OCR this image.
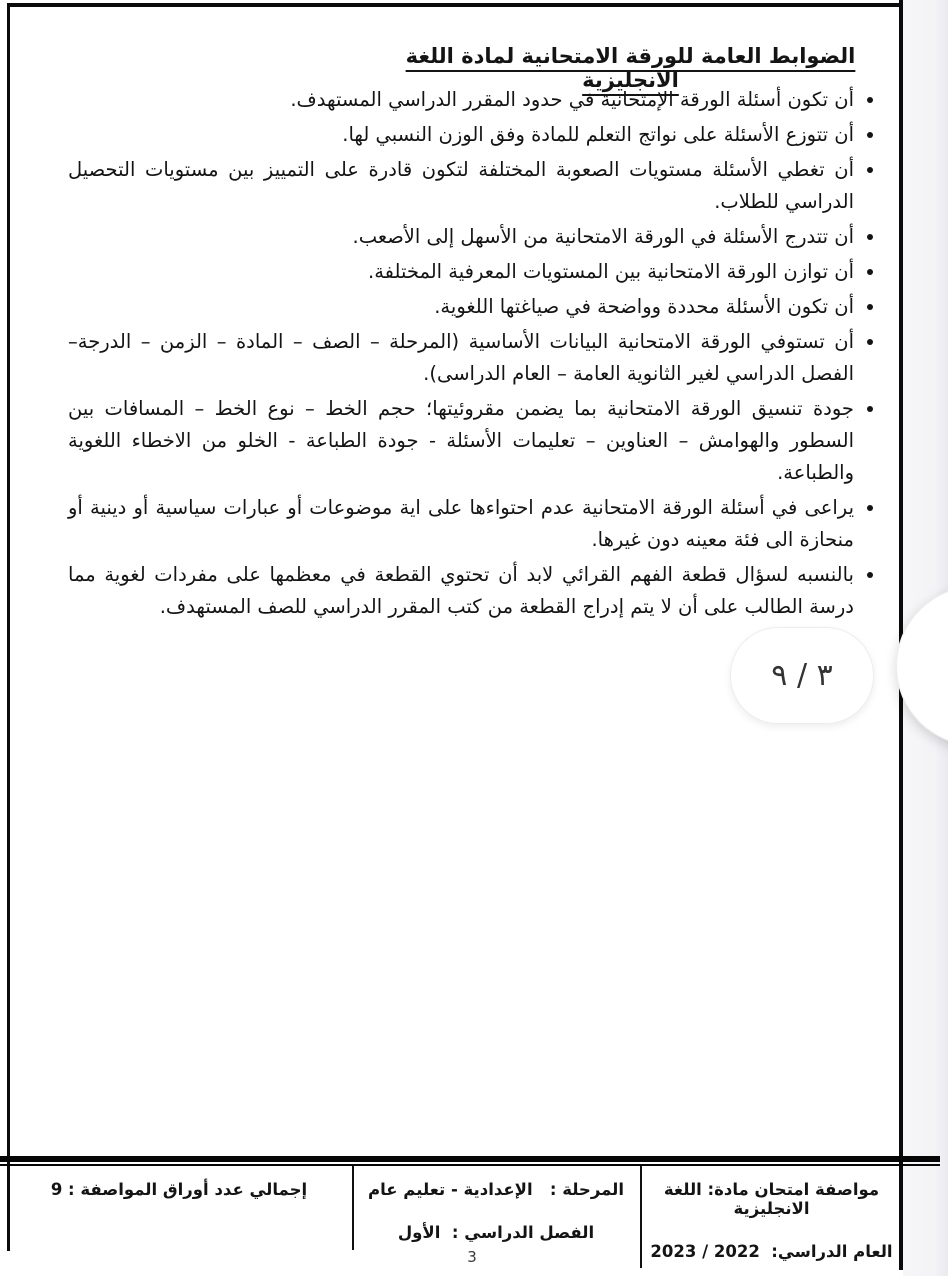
الضوابط العامة للورقة الامتحانية لمادة اللغة الانجليزية
• أن تكون أسئلة الورقة الإمتحانية في حدود المقرر الدراسي المستهدف.
• أن تتوزع الأسئلة على نواتج التعلم للمادة وفق الوزن النسبي لها.
• أن تغطي الأسئلة مستويات الصعوبة المختلفة لتكون قادرة على التمييز بين مستويات التحصيل الدراسي للطلاب.
• أن تتدرج الأسئلة في الورقة الامتحانية من الأسهل إلى الأصعب.
• أن توازن الورقة الامتحانية بين المستويات المعرفية المختلفة.
• أن تكون الأسئلة محددة وواضحة في صياغتها اللغوية.
• أن تستوفي الورقة الامتحانية البيانات الأساسية (المرحلة – الصف – المادة – الزمن – الدرجة– الفصل الدراسي لغير الثانوية العامة – العام الدراسى).
• جودة تنسيق الورقة الامتحانية بما يضمن مقروئيتها؛ حجم الخط – نوع الخط – المسافات بين السطور والهوامش – العناوين – تعليمات الأسئلة - جودة الطباعة - الخلو من الاخطاء اللغوية والطباعة.
• يراعى في أسئلة الورقة الامتحانية عدم احتواءها على اية موضوعات أو عبارات سياسية أو دينية أو منحازة الى فئة معينه دون غيرها.
• بالنسبه لسؤال قطعة الفهم القرائي لابد أن تحتوي القطعة في معظمها على مفردات لغوية مما درسة الطالب على أن لا يتم إدراج القطعة من كتب المقرر الدراسي للصف المستهدف.
٣ / ٩
مواصفة امتحان مادة: اللغة الانجليزية
العام الدراسي:  2022 / 2023
المرحلة :   الإعدادية - تعليم عام
الفصل الدراسي :  الأول
إجمالي عدد أوراق المواصفة : 9
3
